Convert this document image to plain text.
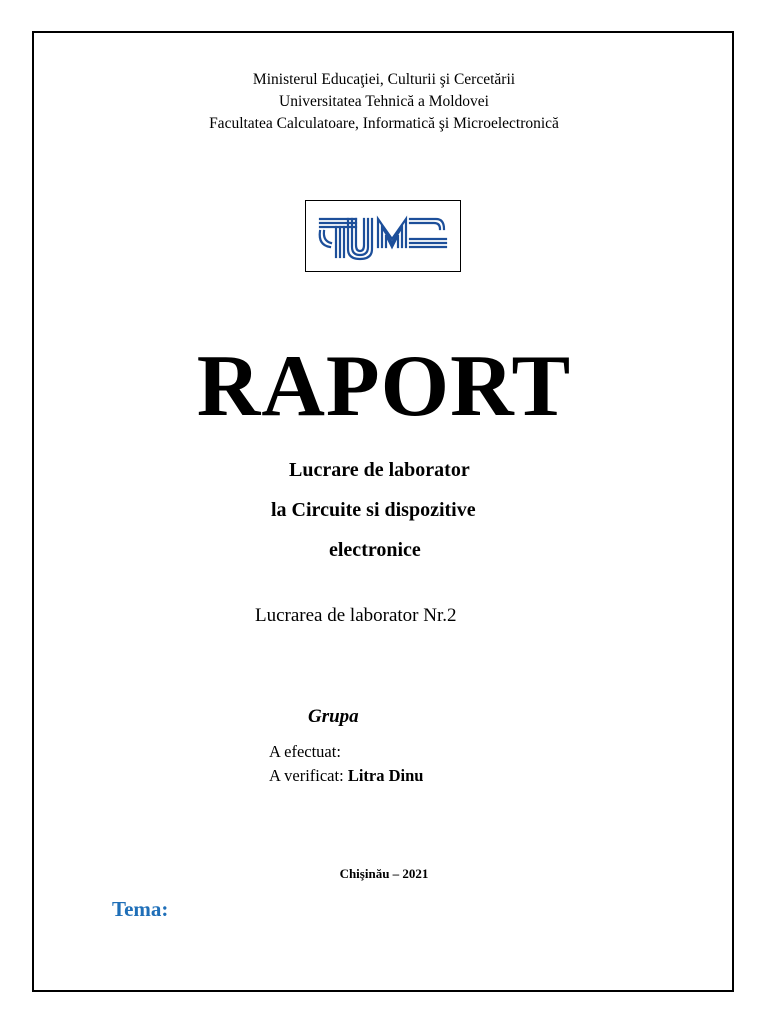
Ministerul Educaţiei, Culturii şi Cercetării
Universitatea Tehnică a Moldovei
Facultatea Calculatoare, Informatică şi Microelectronică
RAPORT
Lucrare de laborator
la Circuite si dispozitive
electronice
Lucrarea de laborator Nr.2
Grupa
A efectuat:
A verificat: Litra Dinu
Chişinău – 2021
Tema:
